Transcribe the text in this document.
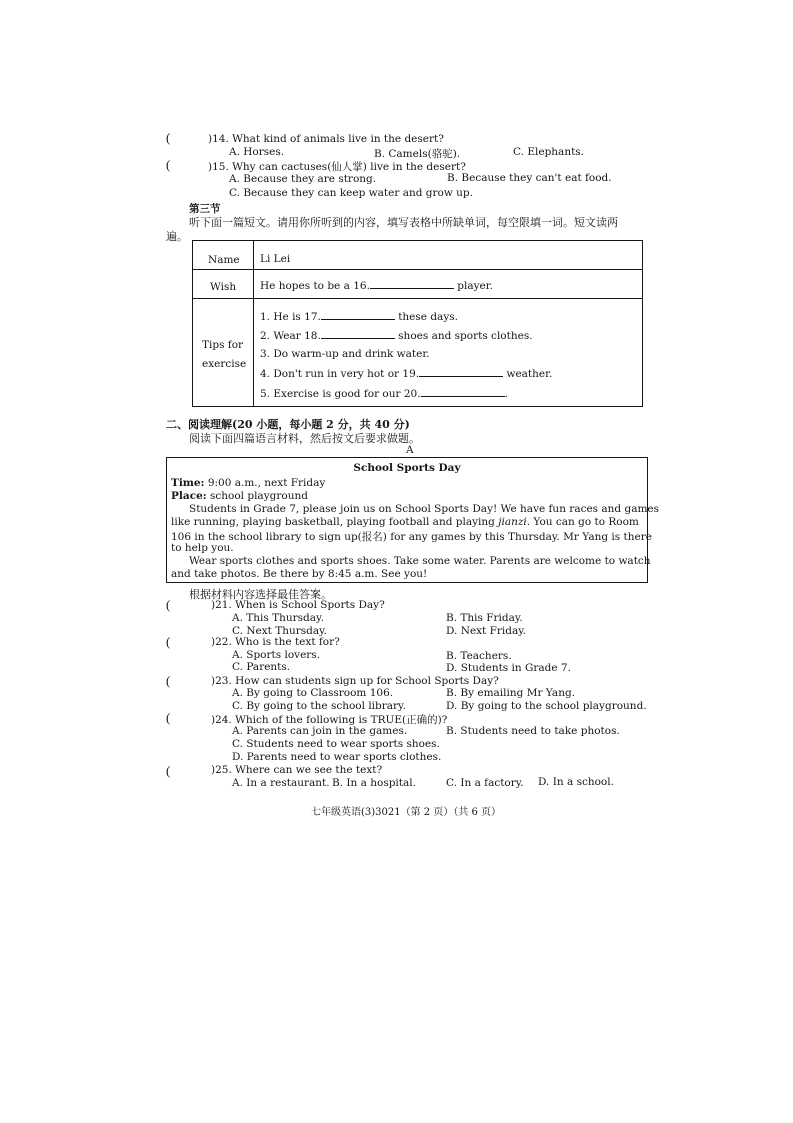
(	)14. What kind of animals live in the desert?
A. Horses.	B. Camels(骆驼).	C. Elephants.
(	)15. Why can cactuses(仙人掌) live in the desert?
A. Because they are strong.	B. Because they can't eat food.
C. Because they can keep water and grow up.
第三节
听下面一篇短文。请用你所听到的内容，填写表格中所缺单词，每空限填一词。短文读两
遍。
Name Li Lei
Wish He hopes to be a 16.	player.
Tips for
exercise
1. He is 17.	these days.
2. Wear 18.	shoes and sports clothes.
3. Do warm-up and drink water.
4. Don't run in very hot or 19.	weather.
5. Exercise is good for our 20.	.
二、阅读理解(20 小题，每小题 2 分，共 40 分)
阅读下面四篇语言材料，然后按文后要求做题。
A
School Sports Day
Time: 9:00 a.m., next Friday
Place: school playground
Students in Grade 7, please join us on School Sports Day! We have fun races and games
like running, playing basketball, playing football and playing jianzi. You can go to Room
106 in the school library to sign up(报名) for any games by this Thursday. Mr Yang is there
to help you.
Wear sports clothes and sports shoes. Take some water. Parents are welcome to watch
and take photos. Be there by 8:45 a.m. See you!
根据材料内容选择最佳答案。
(	)21. When is School Sports Day?
A. This Thursday.	B. This Friday.
C. Next Thursday.	D. Next Friday.
(	)22. Who is the text for?
A. Sports lovers.	B. Teachers.
C. Parents.	D. Students in Grade 7.
(	)23. How can students sign up for School Sports Day?
A. By going to Classroom 106.	B. By emailing Mr Yang.
C. By going to the school library.	D. By going to the school playground.
(	)24. Which of the following is TRUE(正确的)?
A. Parents can join in the games.	B. Students need to take photos.
C. Students need to wear sports shoes.
D. Parents need to wear sports clothes.
(	)25. Where can we see the text?
A. In a restaurant. B. In a hospital.	C. In a factory. D. In a school.
七年级英语(3)3021（第 2 页）（共 6 页）
